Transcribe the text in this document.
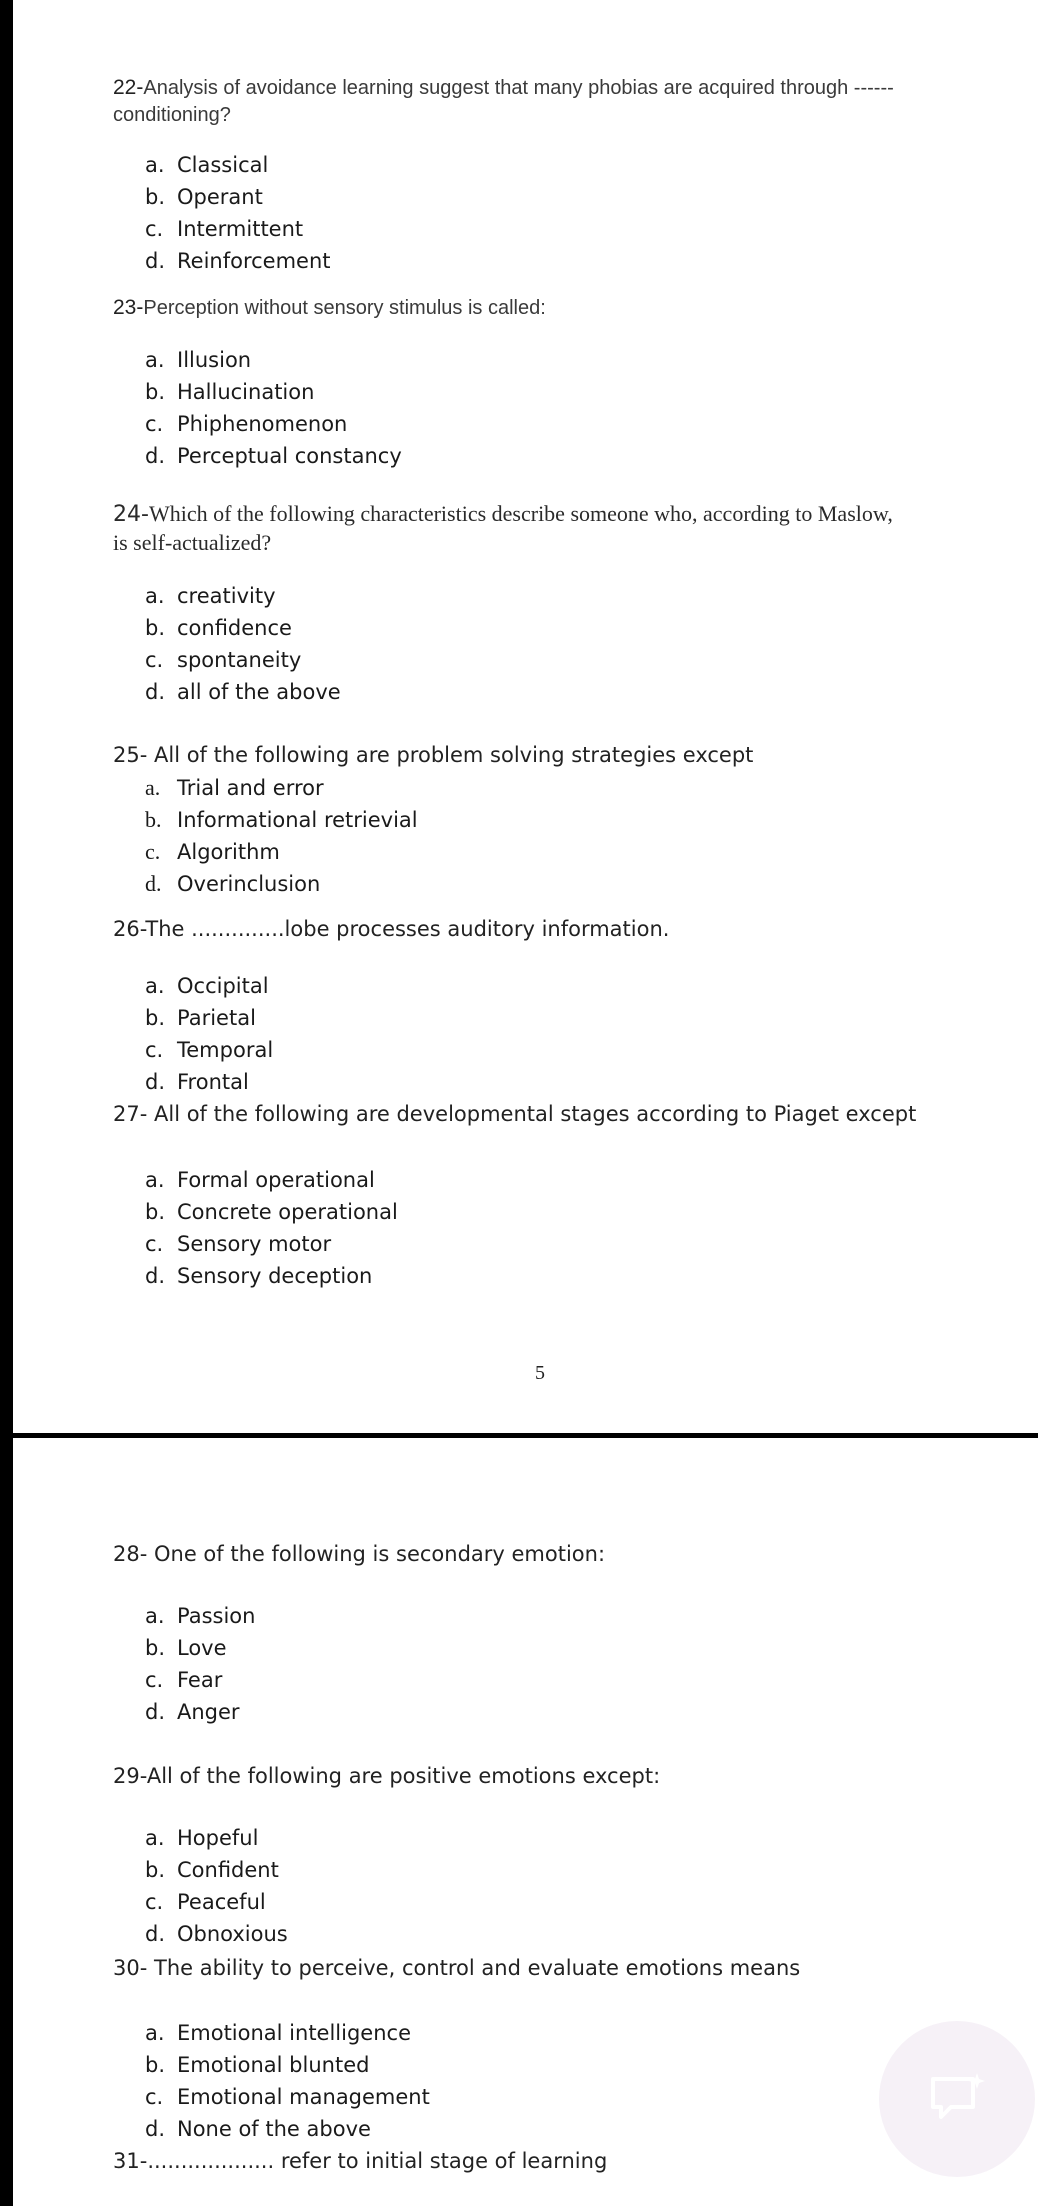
22-Analysis of avoidance learning suggest that many phobias are acquired through ------ conditioning?

a. Classical
b. Operant
c. Intermittent
d. Reinforcement

23-Perception without sensory stimulus is called:

a. Illusion
b. Hallucination
c. Phiphenomenon
d. Perceptual constancy

24-Which of the following characteristics describe someone who, according to Maslow, is self-actualized?

a. creativity
b. confidence
c. spontaneity
d. all of the above

25- All of the following are problem solving strategies except

a. Trial and error
b. Informational retrievial
c. Algorithm
d. Overinclusion

26-The ..............lobe processes auditory information.

a. Occipital
b. Parietal
c. Temporal
d. Frontal

27- All of the following are developmental stages according to Piaget except

a. Formal operational
b. Concrete operational
c. Sensory motor
d. Sensory deception
5

28- One of the following is secondary emotion:

a. Passion
b. Love
c. Fear
d. Anger

29-All of the following are positive emotions except:

a. Hopeful
b. Confident
c. Peaceful
d. Obnoxious

30- The ability to perceive, control and evaluate emotions means

a. Emotional intelligence
b. Emotional blunted
c. Emotional management
d. None of the above

31-................... refer to initial stage of learning
